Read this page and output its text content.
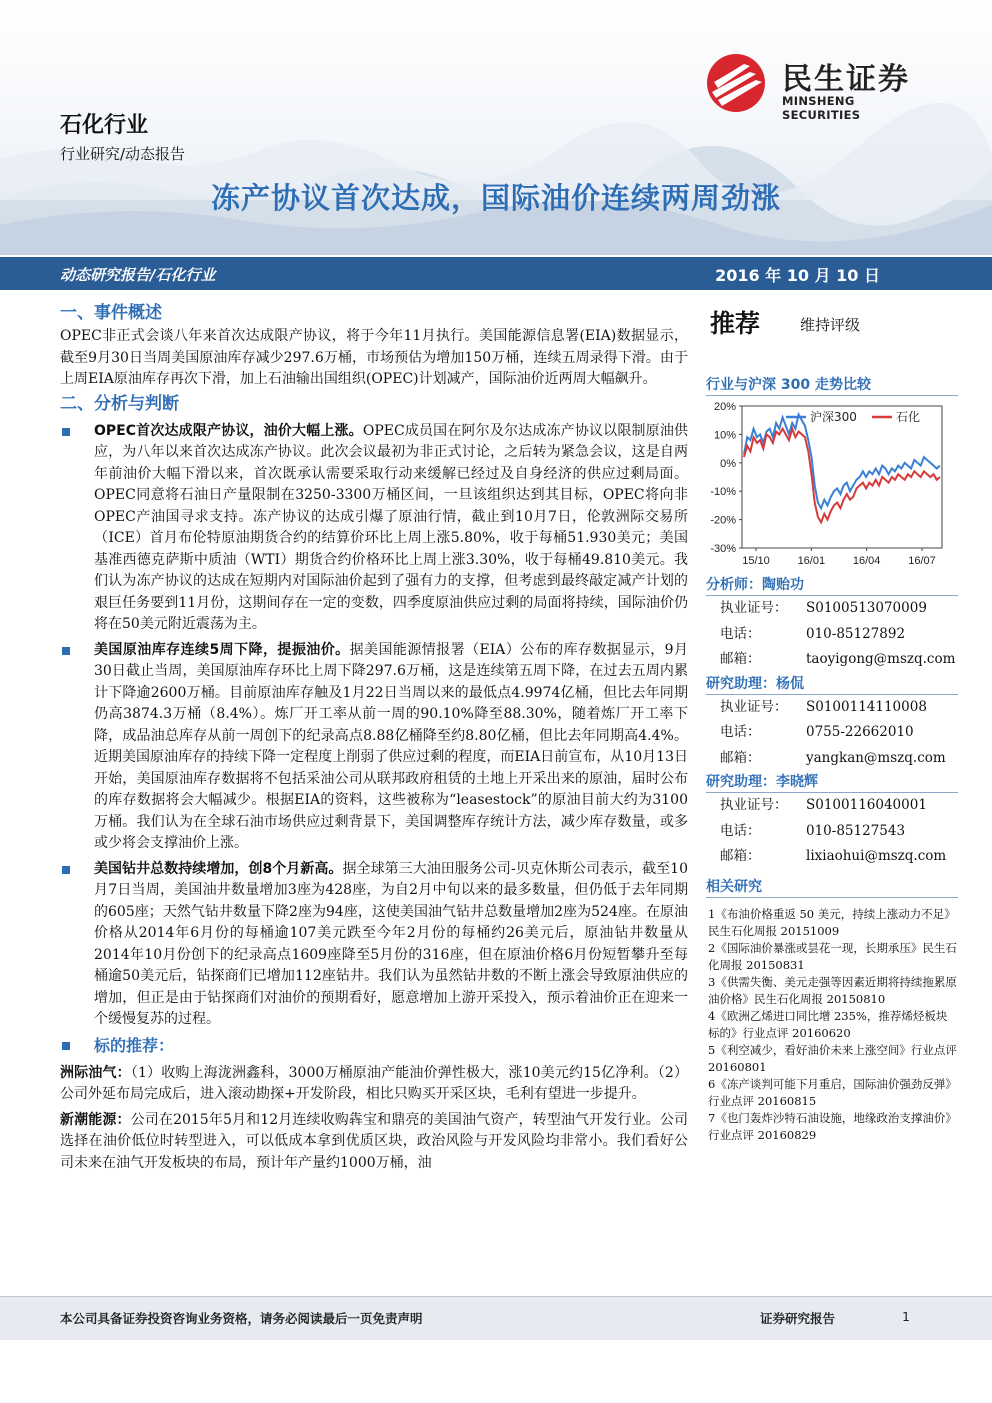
民生证券
MINSHENG SECURITIES
石化行业
行业研究/动态报告
冻产协议首次达成，国际油价连续两周劲涨
动态研究报告/石化行业	2016 年 10 月 10 日
一、事件概述
OPEC非正式会谈八年来首次达成限产协议，将于今年11月执行。美国能源信息署(EIA)数据显示，截至9月30日当周美国原油库存减少297.6万桶，市场预估为增加150万桶，连续五周录得下滑。由于上周EIA原油库存再次下滑，加上石油输出国组织(OPEC)计划减产，国际油价近两周大幅飙升。
二、分析与判断
OPEC首次达成限产协议，油价大幅上涨。OPEC成员国在阿尔及尔达成冻产协议以限制原油供应，为八年以来首次达成冻产协议。此次会议最初为非正式讨论，之后转为紧急会议，这是自两年前油价大幅下滑以来，首次既承认需要采取行动来缓解已经过及自身经济的供应过剩局面。OPEC同意将石油日产量限制在3250-3300万桶区间，一旦该组织达到其目标，OPEC将向非OPEC产油国寻求支持。冻产协议的达成引爆了原油行情，截止到10月7日，伦敦洲际交易所（ICE）首月布伦特原油期货合约的结算价环比上周上涨5.80%，收于每桶51.930美元；美国基准西德克萨斯中质油（WTI）期货合约价格环比上周上涨3.30%，收于每桶49.810美元。我们认为冻产协议的达成在短期内对国际油价起到了强有力的支撑，但考虑到最终敲定减产计划的艰巨任务要到11月份，这期间存在一定的变数，四季度原油供应过剩的局面将持续，国际油价仍将在50美元附近震荡为主。
美国原油库存连续5周下降，提振油价。据美国能源情报署（EIA）公布的库存数据显示，9月30日截止当周，美国原油库存环比上周下降297.6万桶，这是连续第五周下降，在过去五周内累计下降逾2600万桶。目前原油库存触及1月22日当周以来的最低点4.9974亿桶，但比去年同期仍高3874.3万桶（8.4%）。炼厂开工率从前一周的90.10%降至88.30%，随着炼厂开工率下降，成品油总库存从前一周创下的纪录高点8.88亿桶降至约8.80亿桶，但比去年同期高4.4%。近期美国原油库存的持续下降一定程度上削弱了供应过剩的程度，而EIA日前宣布，从10月13日开始，美国原油库存数据将不包括采油公司从联邦政府租赁的土地上开采出来的原油，届时公布的库存数据将会大幅减少。根据EIA的资料，这些被称为“leasestock”的原油目前大约为3100万桶。我们认为在全球石油市场供应过剩背景下，美国调整库存统计方法，减少库存数量，或多或少将会支撑油价上涨。
美国钻井总数持续增加，创8个月新高。据全球第三大油田服务公司-贝克休斯公司表示，截至10月7日当周，美国油井数量增加3座为428座，为自2月中旬以来的最多数量，但仍低于去年同期的605座；天然气钻井数量下降2座为94座，这使美国油气钻井总数量增加2座为524座。在原油价格从2014年6月份的每桶逾107美元跌至今年2月份的每桶约26美元后，原油钻井数量从2014年10月份创下的纪录高点1609座降至5月份的316座，但在原油价格6月份短暂攀升至每桶逾50美元后，钻探商们已增加112座钻井。我们认为虽然钻井数的不断上涨会导致原油供应的增加，但正是由于钻探商们对油价的预期看好，愿意增加上游开采投入，预示着油价正在迎来一个缓慢复苏的过程。
标的推荐：
洲际油气：（1）收购上海泷洲鑫科，3000万桶原油产能油价弹性极大，涨10美元约15亿净利。（2）公司外延布局完成后，进入滚动勘探+开发阶段，相比只购买开采区块，毛利有望进一步提升。
新潮能源：公司在2015年5月和12月连续收购犇宝和鼎亮的美国油气资产，转型油气开发行业。公司选择在油价低位时转型进入，可以低成本拿到优质区块，政治风险与开发风险均非常小。我们看好公司未来在油气开发板块的布局，预计年产量约1000万桶，油
推荐	维持评级
行业与沪深 300 走势比较
20%
10%
0%
-10%
-20%
-30%
15/10	16/01	16/04	16/07
沪深300	石化
分析师：陶贻功
执业证号： S0100513070009
电话：	010-85127892
邮箱：	taoyigong@mszq.com
研究助理：杨侃
执业证号： S0100114110008
电话：	0755-22662010
邮箱：	yangkan@mszq.com
研究助理：李晓辉
执业证号： S0100116040001
电话：	010-85127543
邮箱：	lixiaohui@mszq.com
相关研究
1《布油价格重返 50 美元，持续上涨动力不足》民生石化周报 20151009
2《国际油价暴涨或昙花一现，长期承压》民生石化周报 20150831
3《供需失衡、美元走强等因素近期将持续拖累原油价格》民生石化周报 20150810
4《欧洲乙烯进口同比增 235%，推荐烯烃板块标的》行业点评 20160620
5《利空减少，看好油价未来上涨空间》行业点评 20160801
6《冻产谈判可能下月重启，国际油价强劲反弹》行业点评 20160815
7《也门轰炸沙特石油设施，地缘政治支撑油价》行业点评 20160829
本公司具备证券投资咨询业务资格，请务必阅读最后一页免责声明	证券研究报告	1
